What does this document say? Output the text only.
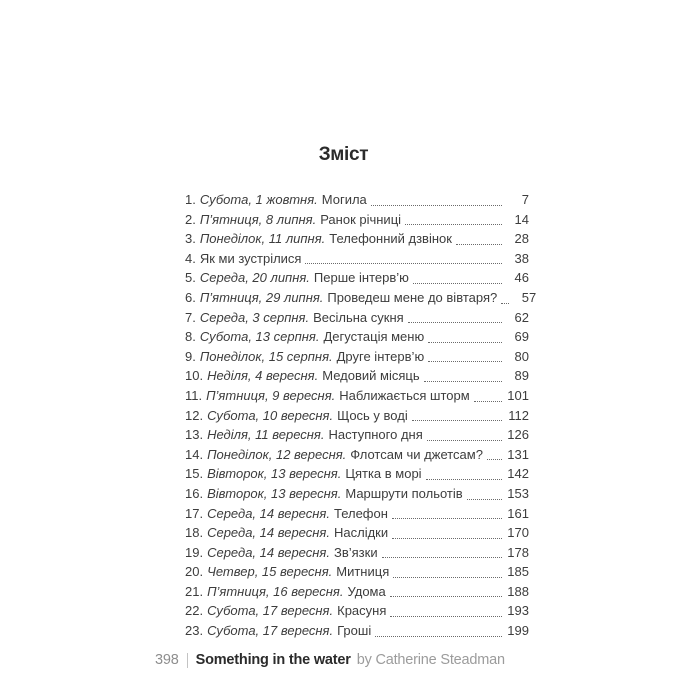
Зміст
1. Субота, 1 жовтня. Могила	7
2. П’ятниця, 8 липня. Ранок річниці	14
3. Понеділок, 11 липня. Телефонний дзвінок	28
4. Як ми зустрілися	38
5. Середа, 20 липня. Перше інтерв’ю	46
6. П’ятниця, 29 липня. Проведеш мене до вівтаря?	57
7. Середа, 3 серпня. Весільна сукня	62
8. Субота, 13 серпня. Дегустація меню	69
9. Понеділок, 15 серпня. Друге інтерв’ю	80
10. Неділя, 4 вересня. Медовий місяць	89
11. П’ятниця, 9 вересня. Наближається шторм	101
12. Субота, 10 вересня. Щось у воді	112
13. Неділя, 11 вересня. Наступного дня	126
14. Понеділок, 12 вересня. Флотсам чи джетсам? 131
15. Вівторок, 13 вересня. Цятка в морі	142
16. Вівторок, 13 вересня. Маршрути польотів	153
17. Середа, 14 вересня. Телефон	161
18. Середа, 14 вересня. Наслідки	170
19. Середа, 14 вересня. Зв’язки	178
20. Четвер, 15 вересня. Митниця	185
21. П’ятниця, 16 вересня. Удома	188
22. Субота, 17 вересня. Красуня	193
23. Субота, 17 вересня. Гроші	199
398 Something in the water by Catherine Steadman
